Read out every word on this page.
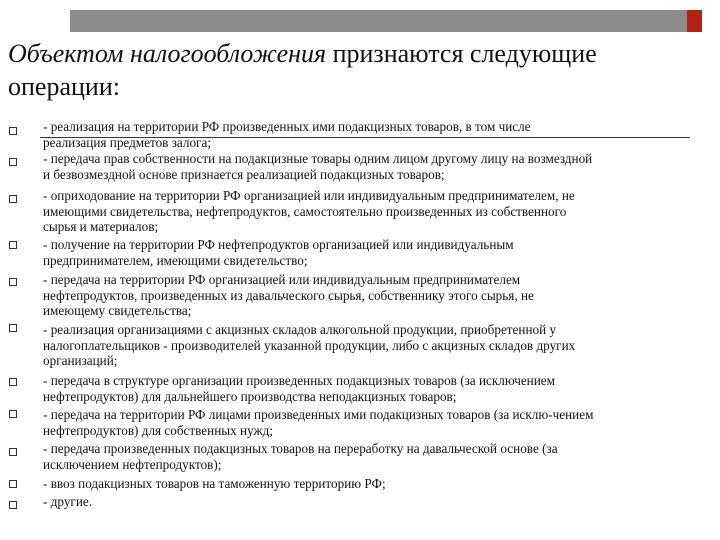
Объектом налогообложения признаются следующие операции:
- реализация на территории РФ произведенных ими подакцизных товаров, в том числе
реализация предметов залога;
- передача прав собственности на подакцизные товары одним лицом другому лицу на возмездной
и безвозмездной основе признается реализацией подакцизных товаров;
- оприходование на территории РФ организацией или индивидуальным предпринимателем, не
имеющими свидетельства, нефтепродуктов, самостоятельно произведенных из собственного
сырья и материалов;
- получение на территории РФ нефтепродуктов организацией или индивидуальным
предпринимателем, имеющими свидетельство;
- передача на территории РФ организацией или индивидуальным предпринимателем
нефтепродуктов, произведенных из давальческого сырья, собственнику этого сырья, не
имеющему свидетельства;
- реализация организациями с акцизных складов алкогольной продукции, приобретенной у
налогоплательщиков - производителей указанной продукции, либо с акцизных складов других
организаций;
- передача в структуре организации произведенных подакцизных товаров (за исключением
нефтепродуктов) для дальнейшего производства неподакцизных товаров;
- передача на территории РФ лицами произведенных ими подакцизных товаров (за исклю-чением
нефтепродуктов) для собственных нужд;
- передача произведенных подакцизных товаров на переработку на давальческой основе (за
исключением нефтепродуктов);
- ввоз подакцизных товаров на таможенную территорию РФ;
- другие.
